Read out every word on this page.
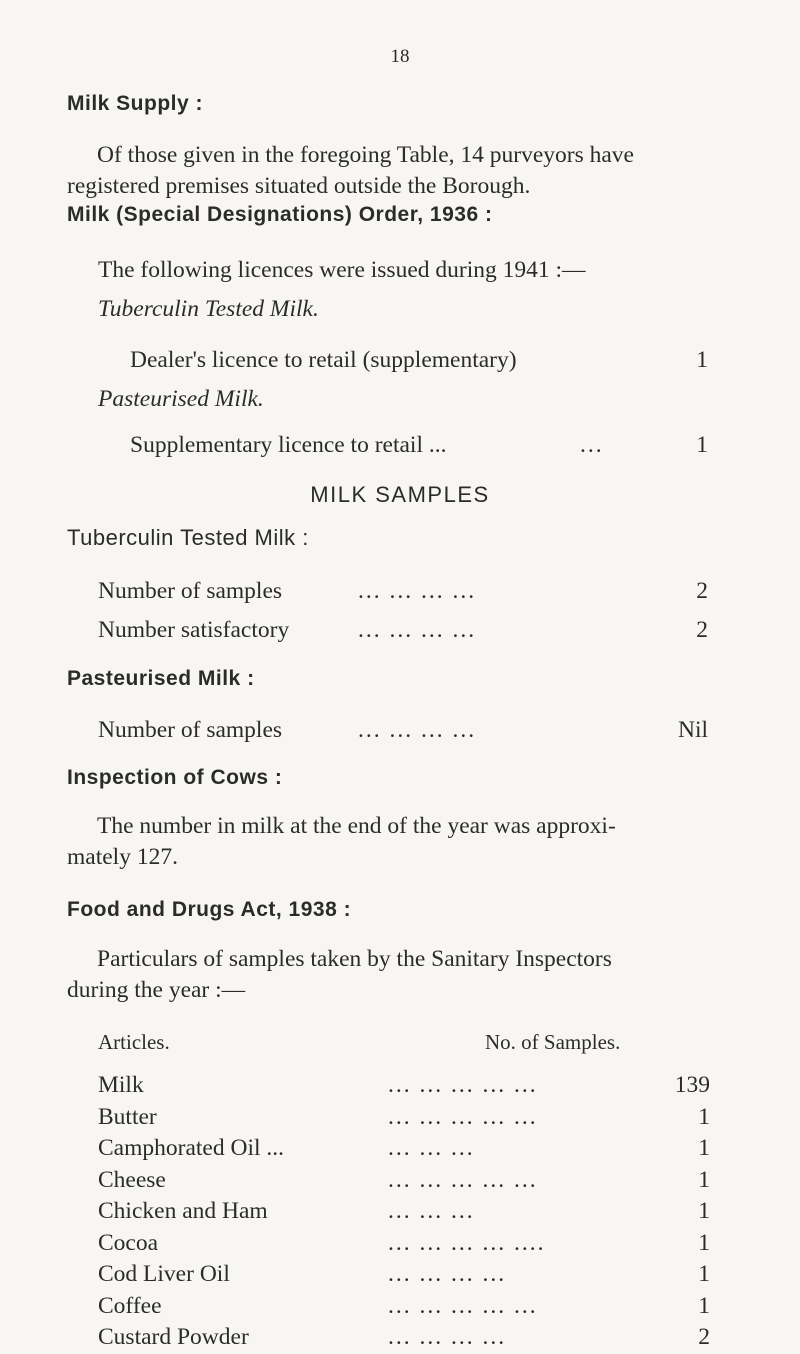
18
Milk Supply :
Of those given in the foregoing Table, 14 purveyors have
registered premises situated outside the Borough.
Milk (Special Designations) Order, 1936 :
The following licences were issued during 1941 :—
Tuberculin Tested Milk.
Dealer's licence to retail (supplementary)	1
Pasteurised Milk.
Supplementary licence to retail ...	...	1
MILK SAMPLES
Tuberculin Tested Milk :
Number of samples	... ... ... ...	2
Number satisfactory	... ... ... ...	2
Pasteurised Milk :
Number of samples	... ... ... ...	Nil
Inspection of Cows :
The number in milk at the end of the year was approxi-
mately 127.
Food and Drugs Act, 1938 :
Particulars of samples taken by the Sanitary Inspectors
during the year :—
Articles.	No. of Samples.
Milk	... ... ... ... ...	139
Butter	... ... ... ... ...	1
Camphorated Oil ...	... ... ...	1
Cheese	... ... ... ... ...	1
Chicken and Ham	... ... ...	1
Cocoa	... ... ... ... ....	1
Cod Liver Oil	... ... ... ...	1
Coffee	... ... ... ... ...	1
Custard Powder	... ... ... ...	2
